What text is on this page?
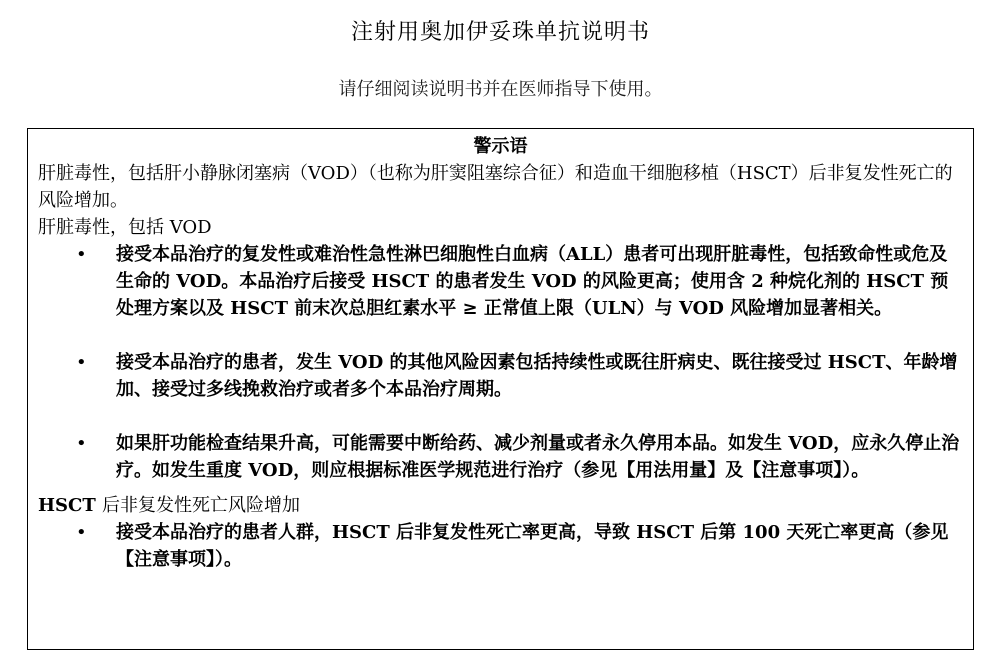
注射用奥加伊妥珠单抗说明书
请仔细阅读说明书并在医师指导下使用。
警示语

肝脏毒性，包括肝小静脉闭塞病（VOD）（也称为肝窦阻塞综合征）和造血干细胞移植（HSCT）后非复发性死亡的风险增加。

肝脏毒性，包括 VOD

• 接受本品治疗的复发性或难治性急性淋巴细胞性白血病（ALL）患者可出现肝脏毒性，包括致命性或危及生命的 VOD。本品治疗后接受 HSCT 的患者发生 VOD 的风险更高；使用含 2 种烷化剂的 HSCT 预处理方案以及 HSCT 前末次总胆红素水平 ≥ 正常值上限（ULN）与 VOD 风险增加显著相关。
• 接受本品治疗的患者，发生 VOD 的其他风险因素包括持续性或既往肝病史、既往接受过 HSCT、年龄增加、接受过多线挽救治疗或者多个本品治疗周期。
• 如果肝功能检查结果升高，可能需要中断给药、减少剂量或者永久停用本品。如发生 VOD，应永久停止治疗。如发生重度 VOD，则应根据标准医学规范进行治疗（参见【用法用量】及【注意事项】）。

HSCT 后非复发性死亡风险增加

• 接受本品治疗的患者人群，HSCT 后非复发性死亡率更高，导致 HSCT 后第 100 天死亡率更高（参见【注意事项】）。
